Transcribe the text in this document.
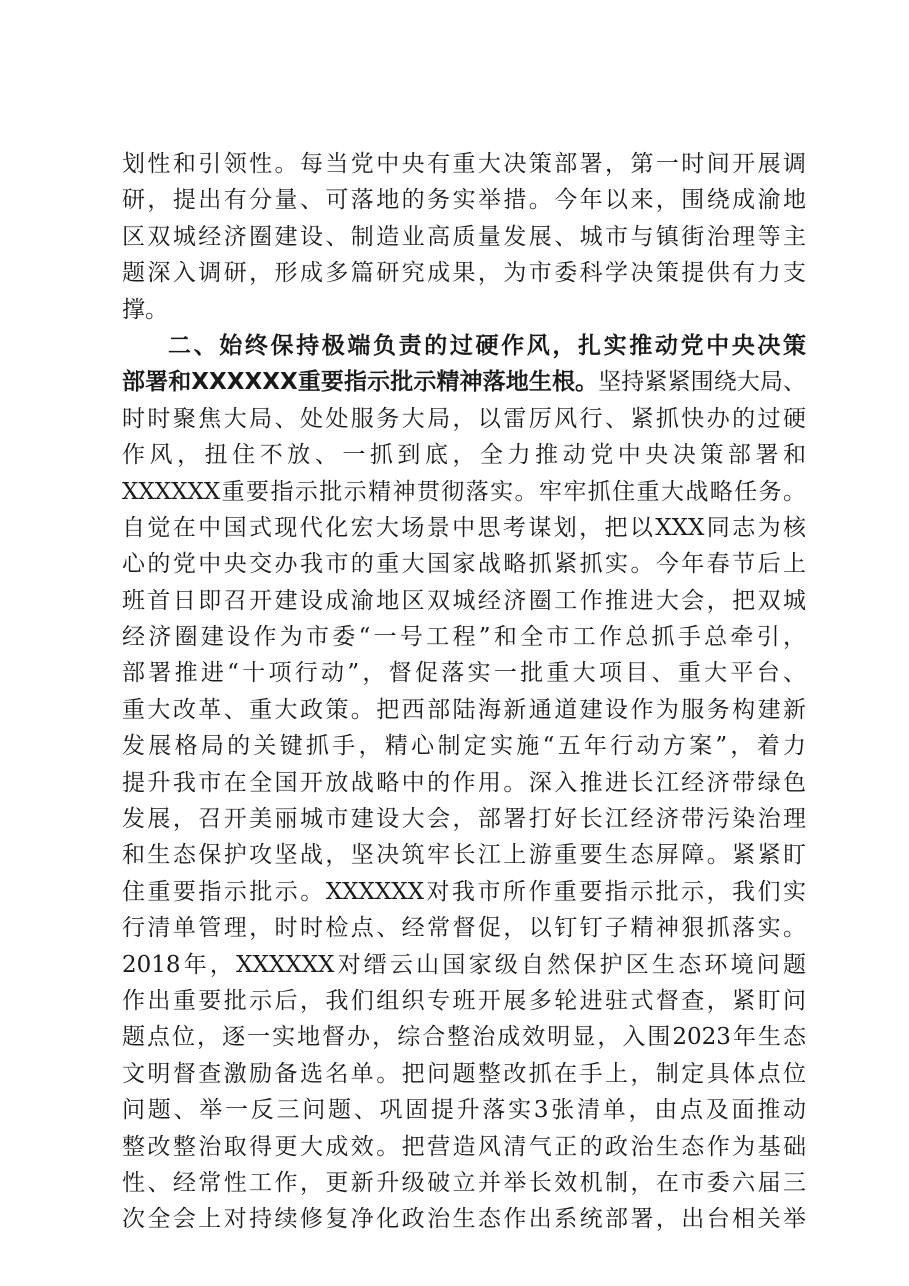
划性和引领性。每当党中央有重大决策部署，第一时间开展调
研，提出有分量、可落地的务实举措。今年以来，围绕成渝地
区双城经济圈建设、制造业高质量发展、城市与镇街治理等主
题深入调研，形成多篇研究成果，为市委科学决策提供有力支
撑。
二、始终保持极端负责的过硬作风，扎实推动党中央决策
部署和XXXXXX重要指示批示精神落地生根。坚持紧紧围绕大局、
时时聚焦大局、处处服务大局，以雷厉风行、紧抓快办的过硬
作风，扭住不放、一抓到底，全力推动党中央决策部署和
XXXXXX重要指示批示精神贯彻落实。牢牢抓住重大战略任务。
自觉在中国式现代化宏大场景中思考谋划，把以XXX同志为核
心的党中央交办我市的重大国家战略抓紧抓实。今年春节后上
班首日即召开建设成渝地区双城经济圈工作推进大会，把双城
经济圈建设作为市委“一号工程”和全市工作总抓手总牵引，
部署推进“十项行动”，督促落实一批重大项目、重大平台、
重大改革、重大政策。把西部陆海新通道建设作为服务构建新
发展格局的关键抓手，精心制定实施“五年行动方案”，着力
提升我市在全国开放战略中的作用。深入推进长江经济带绿色
发展，召开美丽城市建设大会，部署打好长江经济带污染治理
和生态保护攻坚战，坚决筑牢长江上游重要生态屏障。紧紧盯
住重要指示批示。XXXXXX对我市所作重要指示批示，我们实
行清单管理，时时检点、经常督促，以钉钉子精神狠抓落实。
2018年，XXXXXX对缙云山国家级自然保护区生态环境问题
作出重要批示后，我们组织专班开展多轮进驻式督查，紧盯问
题点位，逐一实地督办，综合整治成效明显，入围2023年生态
文明督查激励备选名单。把问题整改抓在手上，制定具体点位
问题、举一反三问题、巩固提升落实3张清单，由点及面推动
整改整治取得更大成效。把营造风清气正的政治生态作为基础
性、经常性工作，更新升级破立并举长效机制，在市委六届三
次全会上对持续修复净化政治生态作出系统部署，出台相关举
